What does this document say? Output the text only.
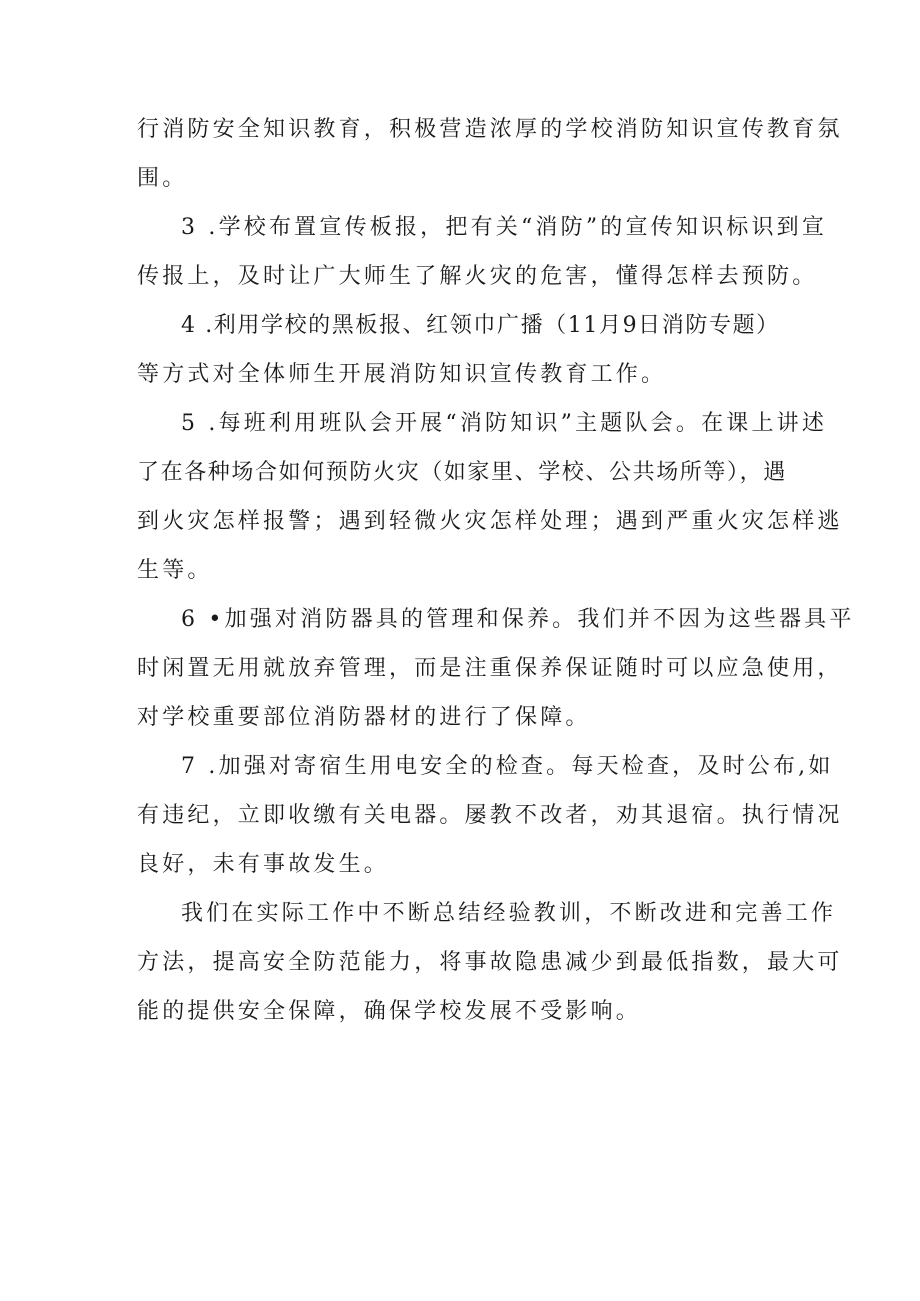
行消防安全知识教育，积极营造浓厚的学校消防知识宣传教育氛
围。
3 .学校布置宣传板报，把有关“消防”的宣传知识标识到宣
传报上，及时让广大师生了解火灾的危害，懂得怎样去预防。
4 .利用学校的黑板报、红领巾广播（11月9日消防专题）
等方式对全体师生开展消防知识宣传教育工作。
5 .每班利用班队会开展“消防知识”主题队会。在课上讲述
了在各种场合如何预防火灾（如家里、学校、公共场所等），遇
到火灾怎样报警；遇到轻微火灾怎样处理；遇到严重火灾怎样逃
生等。
6 •加强对消防器具的管理和保养。我们并不因为这些器具平
时闲置无用就放弃管理，而是注重保养保证随时可以应急使用，
对学校重要部位消防器材的进行了保障。
7 .加强对寄宿生用电安全的检查。每天检查，及时公布,如
有违纪，立即收缴有关电器。屡教不改者，劝其退宿。执行情况
良好，未有事故发生。
我们在实际工作中不断总结经验教训，不断改进和完善工作
方法，提高安全防范能力，将事故隐患减少到最低指数，最大可
能的提供安全保障，确保学校发展不受影响。
